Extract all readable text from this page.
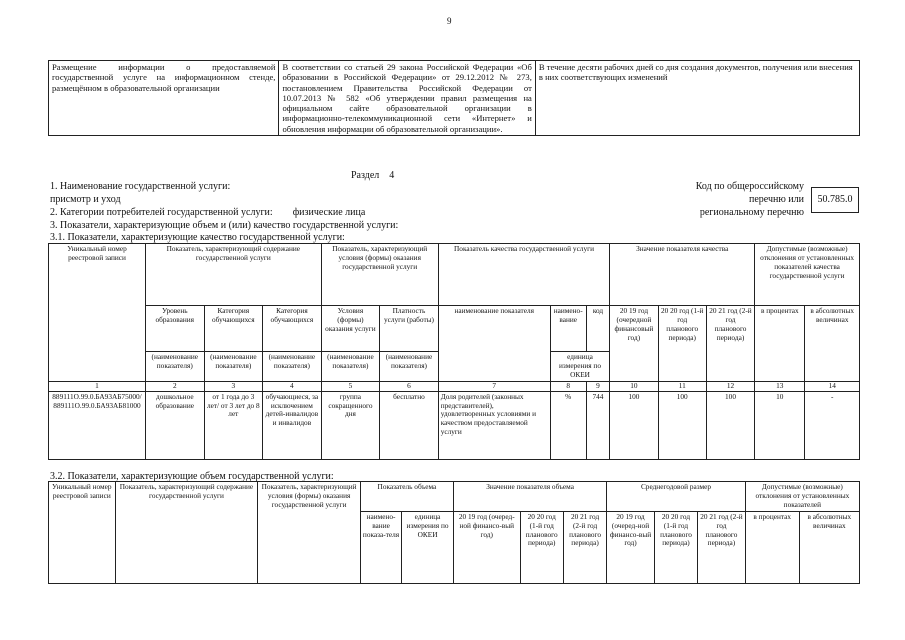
9
Размещение информации о предоставляемой государственной услуге на информационном стенде, размещённом в образовательной организации	В соответствии со статьей 29 закона Российской Федерации «Об образовании в Российской Федерации» от 29.12.2012 № 273, постановлением Правительства Российской Федерации от 10.07.2013 № 582 «Об утверждении правил размещения на официальном сайте образовательной организации в информационно-телекоммуникационной сети «Интернет» и обновления информации об образовательной организации».	В течение десяти рабочих дней со дня создания документов, получения или внесения в них соответствующих изменений
Раздел 4
1. Наименование государственной услуги:
присмотр и уход
2. Категории потребителей государственной услуги: физические лица
3. Показатели, характеризующие объем и (или) качество государственной услуги:
3.1. Показатели, характеризующие качество государственной услуги:
Код по общероссийскому
перечню или
региональному перечню
50.785.0
Уникальный номер реестровой записи	Показатель, характеризующий содержание государственной услуги			Показатель, характеризующий условия (формы) оказания государственной услуги		Показатель качества государственной услуги			Значение показателя качества			Допустимые (возможные) отклонения от установленных показателей качества государственной услуги	
	Уровень образования	Категория обучающихся	Категория обучающихся	Условия (формы) оказания услуги	Платность услуги (работы)	наименование показателя	наимено-вание	код	20 19 год (очередной финансовый год)	20 20 год (1-й год планового периода)	20 21 год (2-й год планового периода)	в процентах	в абсолютных величинах
	(наименование показателя)	(наименование показателя)	(наименование показателя)	(наименование показателя)	(наименование показателя)		единица измерения по ОКЕИ						
1	2	3	4	5	6	7	8	9	10	11	12	13	14
889111О.99.0.БА93АБ75000/ 889111О.99.0.БА93АБ81000	дошкольное образование	от 1 года до 3 лет/ от 3 лет до 8 лет	обучающиеся, за исключением детей-инвалидов и инвалидов	группа сокращенного дня	бесплатно	Доля родителей (законных представителей), удовлетворенных условиями и качеством предоставляемой услуги	%	744	100	100	100	10	-
3.2. Показатели, характеризующие объем государственной услуги:
Уникальный номер реестровой записи	Показатель, характеризующий содержание государственной услуги	Показатель, характеризующий условия (формы) оказания государственной услуги	Показатель объема		Значение показателя объема			Среднегодовой размер			Допустимые (возможные) отклонения от установленных показателей	
			наимено-вание показа-теля	единица измерения по ОКЕИ	20 19 год (очеред-ной финансо-вый год)	20 20 год (1-й год планового периода)	20 21 год (2-й год планового периода)	20 19 год (очеред-ной финансо-вый год)	20 20 год (1-й год планового периода)	20 21 год (2-й год планового периода)	в процентах	в абсолютных величинах
